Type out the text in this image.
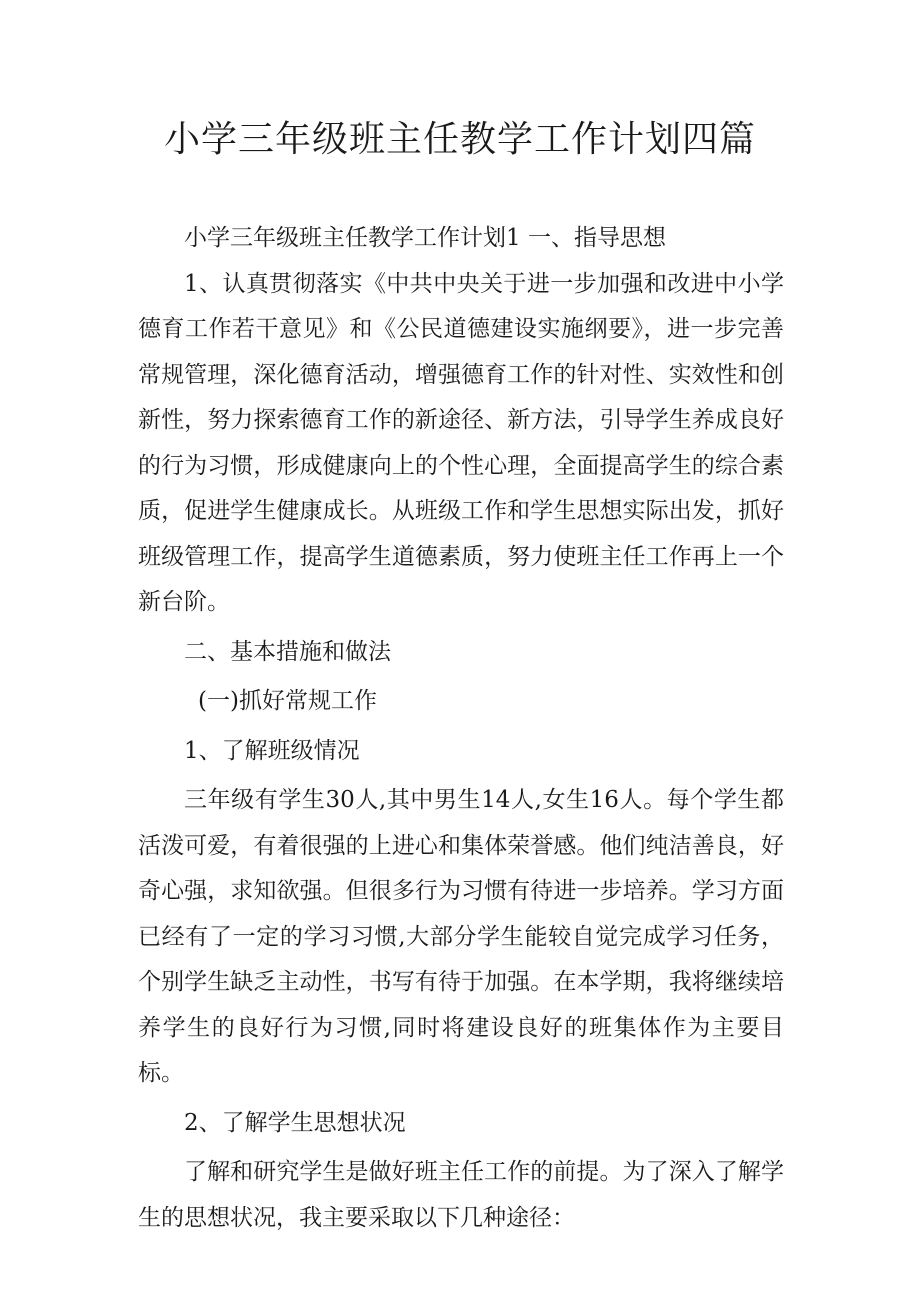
小学三年级班主任教学工作计划四篇

小学三年级班主任教学工作计划1 一、指导思想

1、认真贯彻落实《中共中央关于进一步加强和改进中小学德育工作若干意见》和《公民道德建设实施纲要》，进一步完善常规管理，深化德育活动，增强德育工作的针对性、实效性和创新性，努力探索德育工作的新途径、新方法，引导学生养成良好的行为习惯，形成健康向上的个性心理，全面提高学生的综合素质，促进学生健康成长。从班级工作和学生思想实际出发，抓好班级管理工作，提高学生道德素质，努力使班主任工作再上一个新台阶。

二、基本措施和做法

(一)抓好常规工作

1、了解班级情况

三年级有学生30人,其中男生14人,女生16人。每个学生都活泼可爱，有着很强的上进心和集体荣誉感。他们纯洁善良，好奇心强，求知欲强。但很多行为习惯有待进一步培养。学习方面已经有了一定的学习习惯,大部分学生能较自觉完成学习任务，个别学生缺乏主动性，书写有待于加强。在本学期，我将继续培养学生的良好行为习惯,同时将建设良好的班集体作为主要目标。

2、了解学生思想状况

了解和研究学生是做好班主任工作的前提。为了深入了解学生的思想状况，我主要采取以下几种途径：
